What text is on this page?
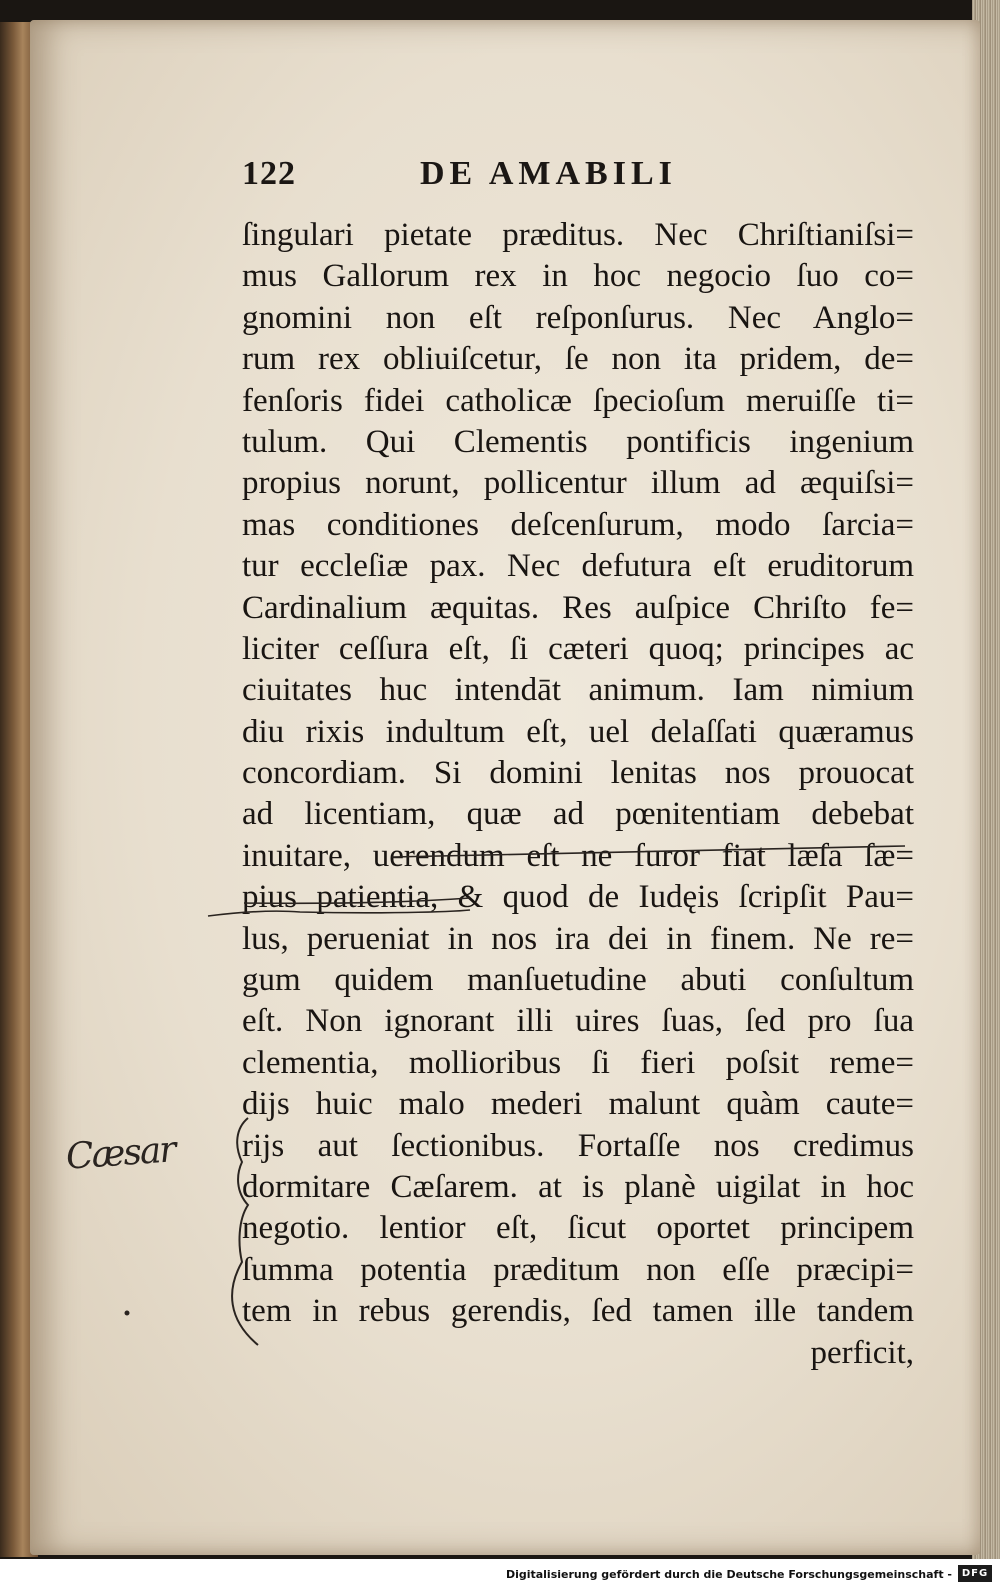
122	DE AMABILI
ſingulari pietate præditus. Nec Chriſtianiſsi=
mus Gallorum rex in hoc negocio ſuo co=
gnomini non eſt reſponſurus. Nec Anglo=
rum rex obliuiſcetur, ſe non ita pridem, de=
fenſoris fidei catholicæ ſpecioſum meruiſſe ti=
tulum. Qui Clementis pontificis ingenium
propius norunt, pollicentur illum ad æquiſsi=
mas conditiones deſcenſurum, modo ſarcia=
tur eccleſiæ pax. Nec defutura eſt eruditorum
Cardinalium æquitas. Res auſpice Chriſto fe=
liciter ceſſura eſt, ſi cæteri quoq; principes ac
ciuitates huc intendāt animum. Iam nimium
diu rixis indultum eſt, uel delaſſati quæramus
concordiam. Si domini lenitas nos prouocat
ad licentiam, quæ ad pœnitentiam debebat
inuitare, uerendum eſt ne furor fiat læſa ſæ=
pius patientia, & quod de Iudęis ſcripſit Pau=
lus, perueniat in nos ira dei in finem. Ne re=
gum quidem manſuetudine abuti conſultum
eſt. Non ignorant illi uires ſuas, ſed pro ſua
clementia, mollioribus ſi fieri poſsit reme=
dijs huic malo mederi malunt quàm caute=
rijs aut ſectionibus. Fortaſſe nos credimus
dormitare Cæſarem. at is planè uigilat in hoc
negotio. lentior eſt, ſicut oportet principem
ſumma potentia præditum non eſſe præcipi=
tem in rebus gerendis, ſed tamen ille tandem
perficit,
Cæsar
Digitalisierung gefördert durch die Deutsche Forschungsgemeinschaft - DFG
